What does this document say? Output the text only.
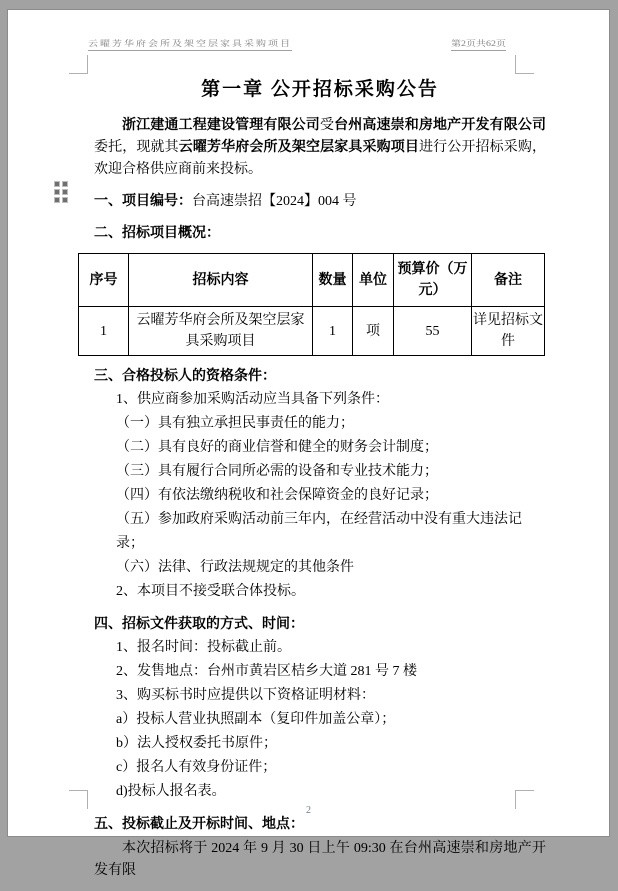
云曜芳华府会所及架空层家具采购项目	第2页共62页
第一章 公开招标采购公告

浙江建通工程建设管理有限公司受台州高速崇和房地产开发有限公司委托，现就其云曜芳华府会所及架空层家具采购项目进行公开招标采购，欢迎合格供应商前来投标。

一、项目编号：台高速崇招【2024】004 号

二、招标项目概况：

序号	招标内容	数量	单位	预算价（万元）	备注
1	云曜芳华府会所及架空层家具采购项目	1	项	55	详见招标文件

三、合格投标人的资格条件：

1、供应商参加采购活动应当具备下列条件：

（一）具有独立承担民事责任的能力；

（二）具有良好的商业信誉和健全的财务会计制度；

（三）具有履行合同所必需的设备和专业技术能力；

（四）有依法缴纳税收和社会保障资金的良好记录；

（五）参加政府采购活动前三年内，在经营活动中没有重大违法记录；

（六）法律、行政法规规定的其他条件

2、本项目不接受联合体投标。

四、招标文件获取的方式、时间：

1、报名时间：投标截止前。

2、发售地点：台州市黄岩区桔乡大道 281 号 7 楼

3、购买标书时应提供以下资格证明材料：

a）投标人营业执照副本（复印件加盖公章）；

b）法人授权委托书原件；

c）报名人有效身份证件；

d)投标人报名表。

五、投标截止及开标时间、地点：

本次招标将于 2024 年 9 月 30 日上午 09:30 在台州高速崇和房地产开发有限

2
